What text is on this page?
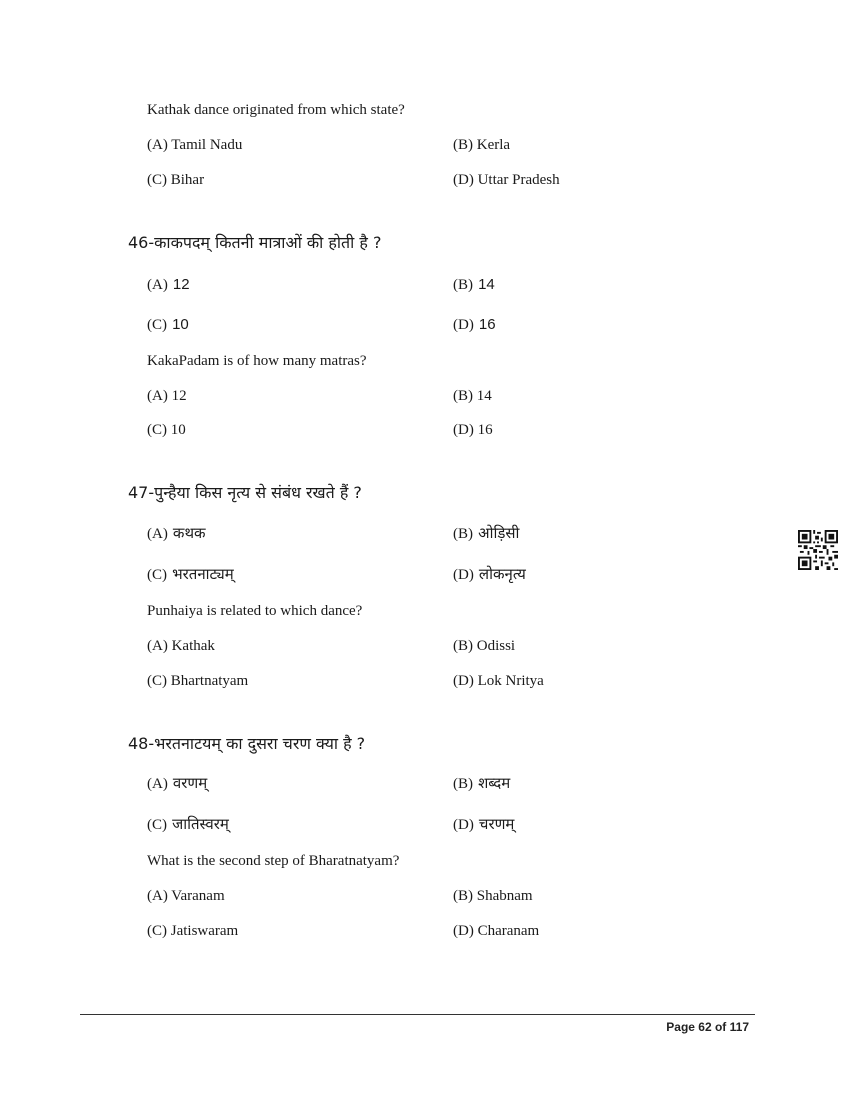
Kathak dance originated from which state?
(A) Tamil Nadu	(B) Kerla
(C) Bihar	(D) Uttar Pradesh
46-काकपदम् कितनी मात्राओं की होती है ?
(A) 12	(B) 14
(C) 10	(D) 16
KakaPadam is of how many matras?
(A) 12	(B) 14
(C) 10	(D) 16
47-पुन्हैया किस नृत्य से संबंध रखते हैं ?
(A) कथक	(B) ओड़िसी
(C) भरतनाट्यम्	(D) लोकनृत्य
Punhaiya is related to which dance?
(A) Kathak	(B) Odissi
(C) Bhartnatyam	(D) Lok Nritya
48-भरतनाटयम् का दुसरा चरण क्या है ?
(A) वरणम्	(B) शब्दम
(C) जातिस्वरम्	(D) चरणम्
What is the second step of Bharatnatyam?
(A) Varanam	(B) Shabnam
(C) Jatiswaram	(D) Charanam
Page 62 of 117
